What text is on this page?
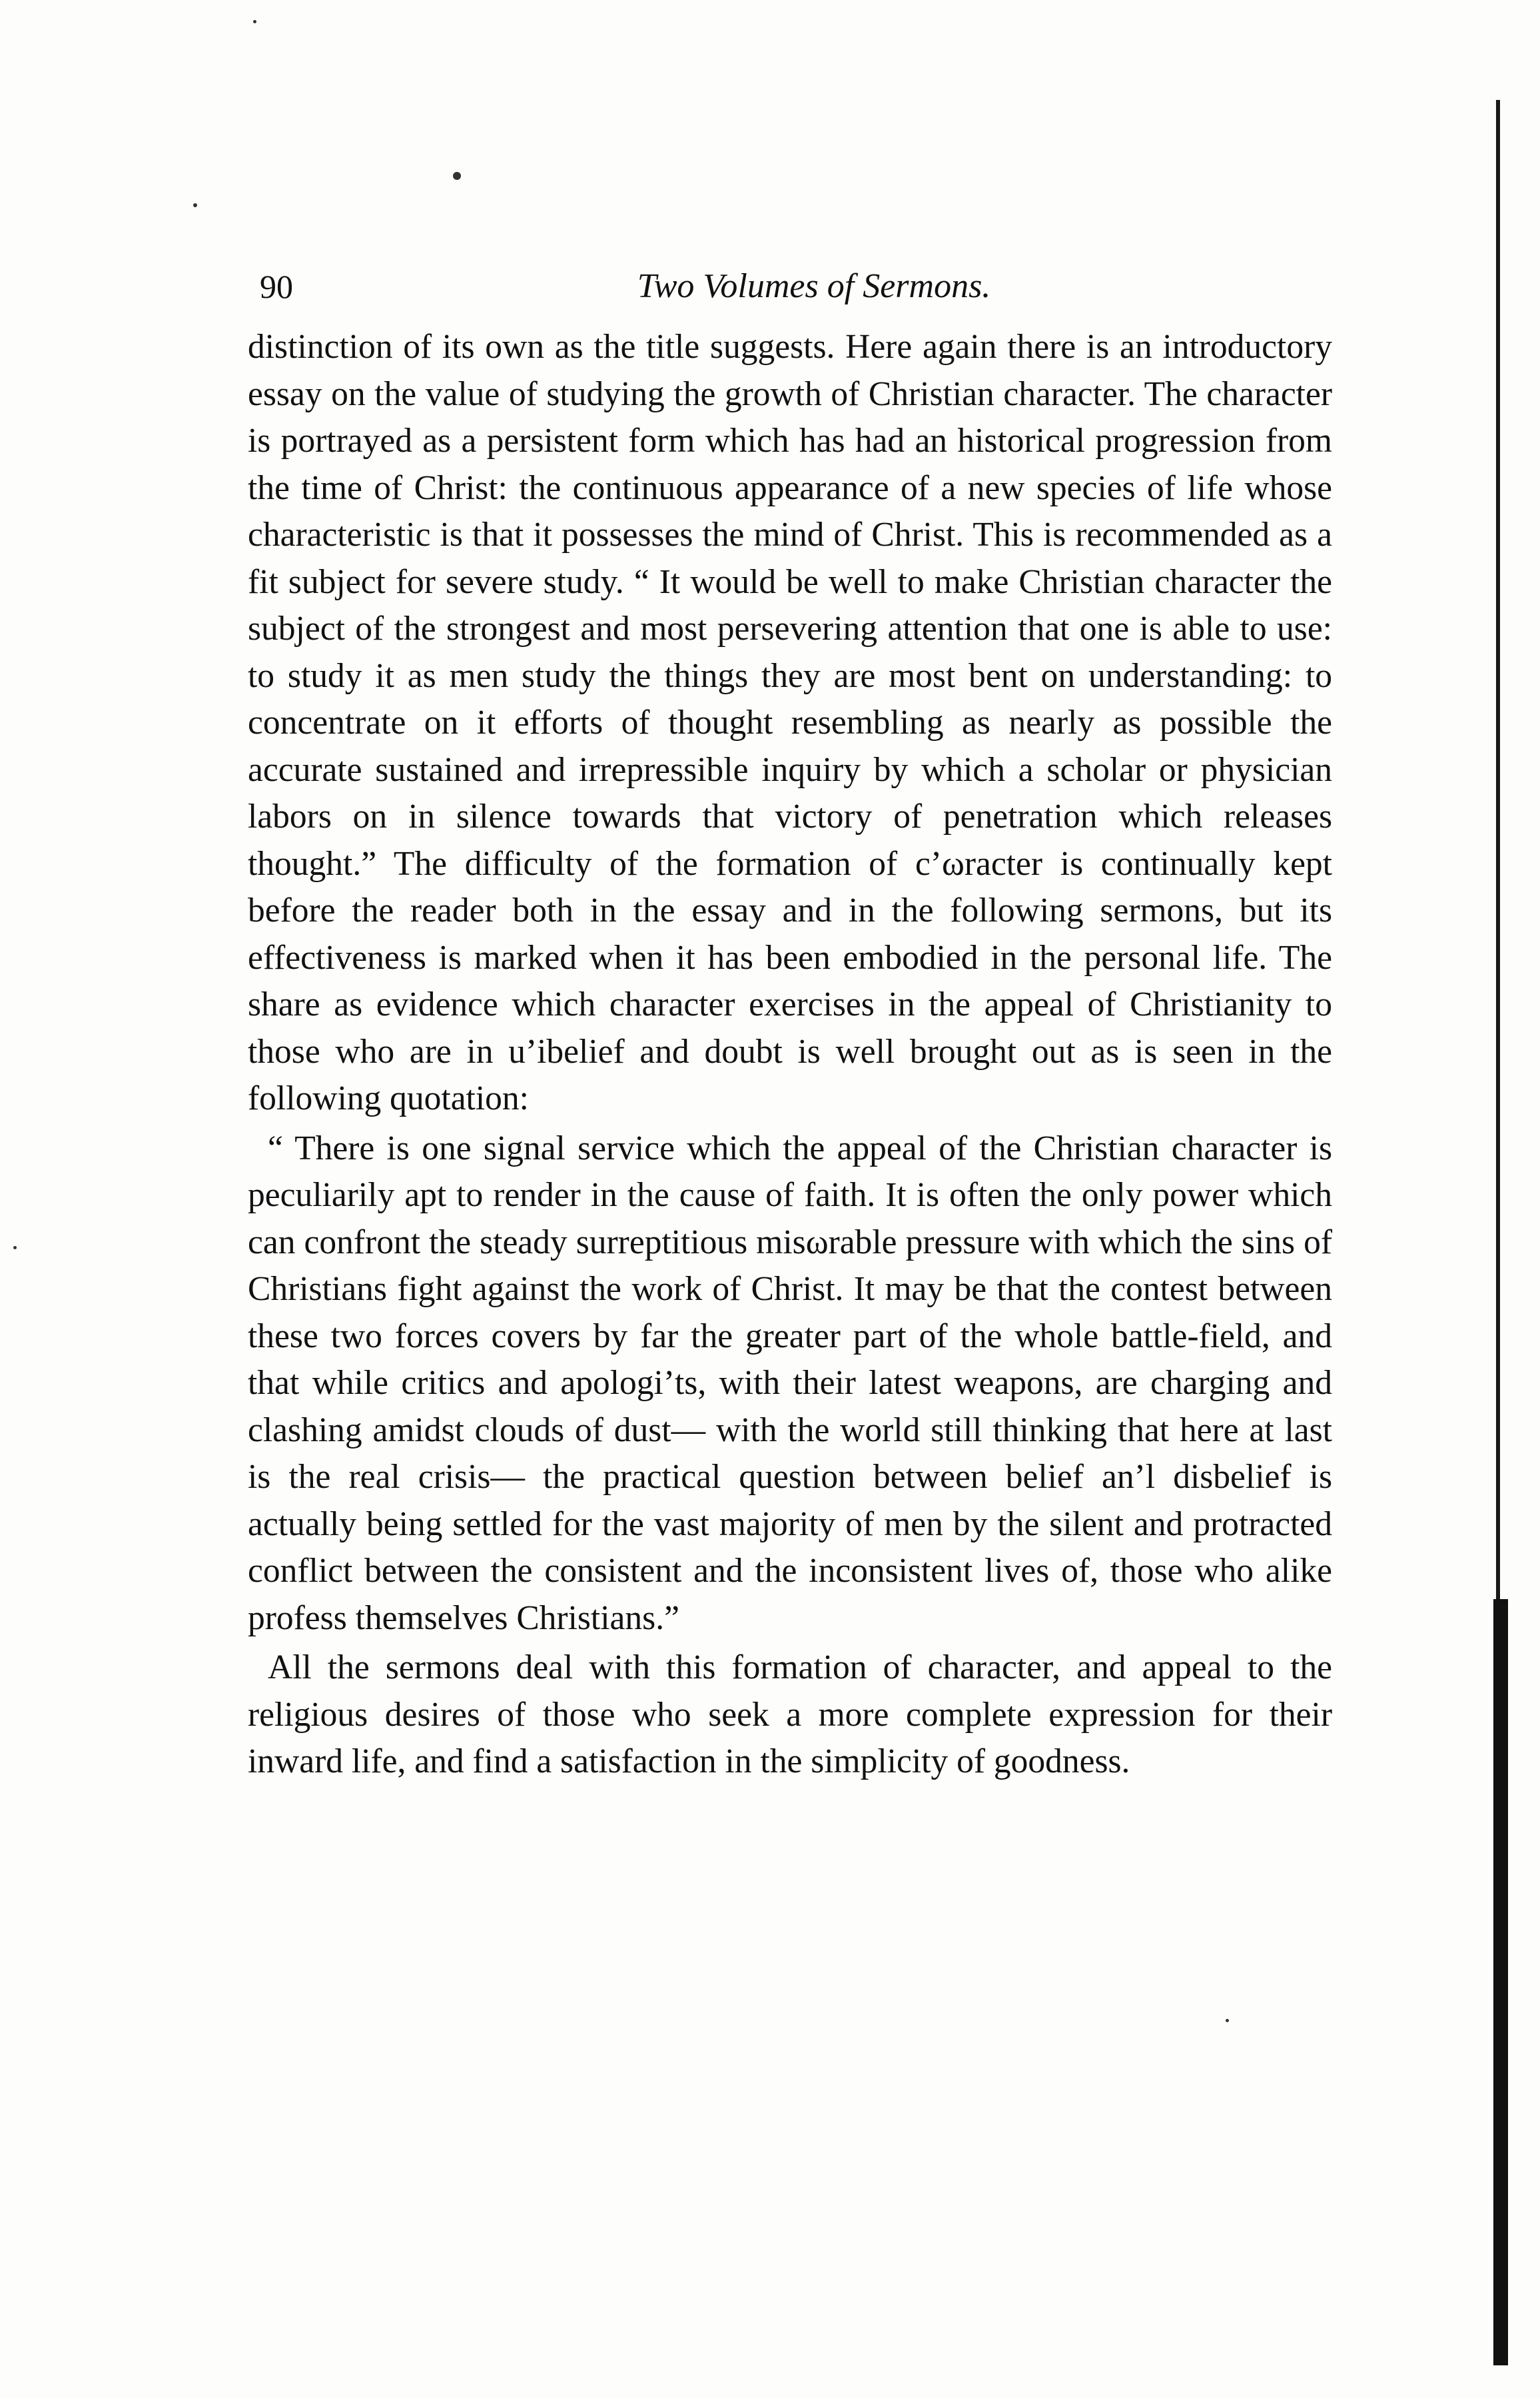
90	Two Volumes of Sermons.

distinction of its own as the title suggests. Here again there is an introductory essay on the value of studying the growth of Christian character. The character is portrayed as a persistent form which has had an historical progression from the time of Christ: the continuous appearance of a new species of life whose characteristic is that it possesses the mind of Christ. This is recommended as a fit subject for severe study. “ It would be well to make Christian character the subject of the strongest and most persevering attention that one is able to use: to study it as men study the things they are most bent on understanding: to concentrate on it efforts of thought resembling as nearly as possible the accurate sustained and irrepressible inquiry by which a scholar or physician labors on in silence towards that victory of penetration which releases thought.” The difficulty of the formation of cʼωracter is continually kept before the reader both in the essay and in the following sermons, but its effectiveness is marked when it has been embodied in the personal life. The share as evidence which character exercises in the appeal of Christianity to those who are in uʼibelief and doubt is well brought out as is seen in the following quotation:

“ There is one signal service which the appeal of the Christian character is peculiarily apt to render in the cause of faith. It is often the only power which can confront the steady surreptitious misωrable pressure with which the sins of Christians fight against the work of Christ. It may be that the contest between these two forces covers by far the greater part of the whole battle-field, and that while critics and apologiʼts, with their latest weapons, are charging and clashing amidst clouds of dust— with the world still thinking that here at last is the real crisis— the practical question between belief anʼl disbelief is actually being settled for the vast majority of men by the silent and protracted conflict between the consistent and the inconsistent lives of, those who alike profess themselves Christians.”

All the sermons deal with this formation of character, and appeal to the religious desires of those who seek a more complete expression for their inward life, and find a satisfaction in the simplicity of goodness.
